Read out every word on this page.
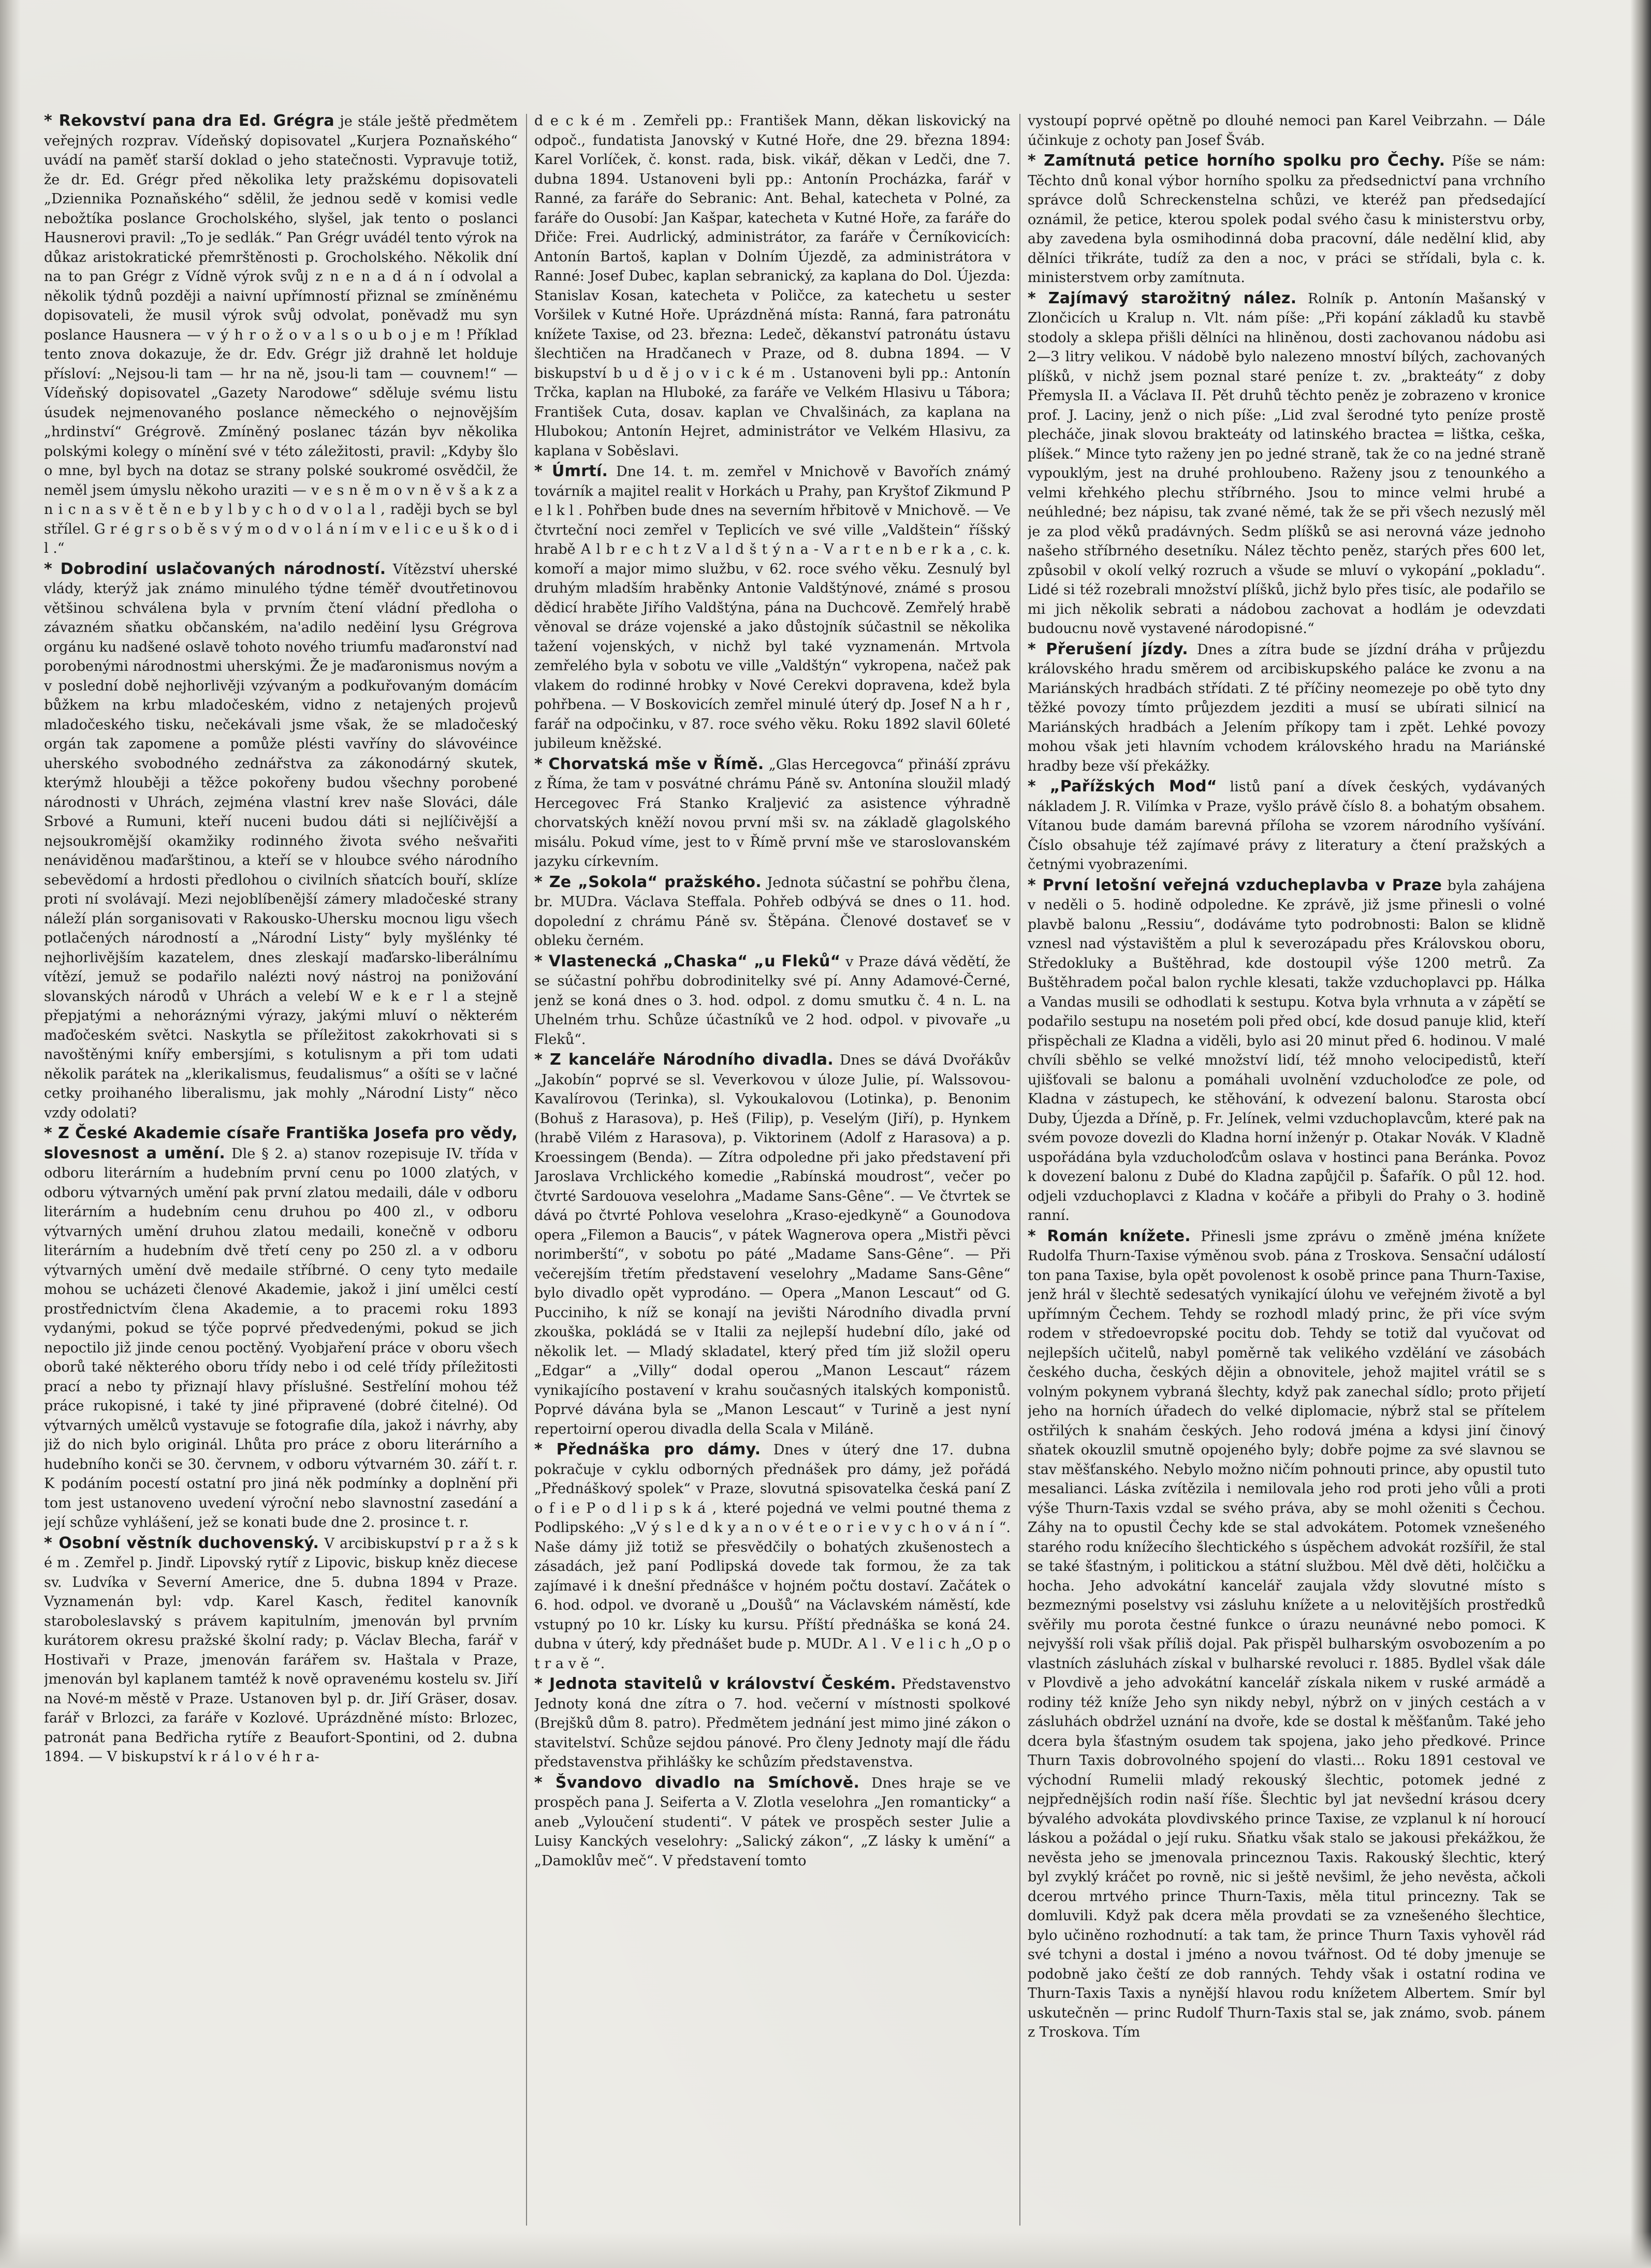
* Rekovství pana dra Ed. Grégra je stále ještě předmětem veřejných rozprav. Vídeňský dopisovatel „Kurjera Poznaňského“ uvádí na paměť starší doklad o jeho statečnosti. Vypravuje totiž, že dr. Ed. Grégr před několika lety pražskému dopisovateli „Dziennika Poznaňského“ sdělil, že jednou sedě v komisi vedle nebožtíka poslance Grocholského, slyšel, jak tento o poslanci Hausnerovi pravil: „To je sedlák.“ Pan Grégr uvádél tento výrok na důkaz aristokratické přemrštěnosti p. Grocholského. Několik dní na to pan Grégr z Vídně výrok svůj z n e n a d á n í odvolal a několik týdnů později a naivní upřímností přiznal se zmíněnému dopisovateli, že musil výrok svůj odvolat, poněvadž mu syn poslance Hausnera — v ý h r o ž o v a l s o u b o j e m ! Příklad tento znova dokazuje, že dr. Edv. Grégr již drahně let holduje přísloví: „Nejsou-li tam — hr na ně, jsou-li tam — couvnem!“ — Vídeňský dopisovatel „Gazety Narodowe“ sděluje svému listu úsudek nejmenovaného poslance německého o nejnovějším „hrdinství“ Grégrově. Zmíněný poslanec tázán byv několika polskými kolegy o mínění své v této záležitosti, pravil: „Kdyby šlo o mne, byl bych na dotaz se strany polské soukromé osvědčil, že neměl jsem úmyslu někoho uraziti — v e s n ě m o v n ě v š a k z a n i c n a s v ě t ě n e b y l b y c h o d v o l a l , raději bych se byl střílel. G r é g r s o b ě s v ý m o d v o l á n í m v e l i c e u š k o d i l .“

* Dobrodiní uslačovaných národností. Vítězství uherské vlády, kterýž jak známo minulého týdne téměř dvoutřetinovou většinou schválena byla v prvním čtení vládní předloha o závazném sňatku občanském, na'adilo neděiní lysu Grégrova orgánu ku nadšené oslavě tohoto nového triumfu maďaronství nad porobenými národnostmi uherskými. Že je maďaronismus novým a v poslední době nejhorlivěji vzývaným a podkuřovaným domácím bůžkem na krbu mladočeském, vidno z netajených projevů mladočeského tisku, nečekávali jsme však, že se mladočeský orgán tak zapomene a pomůže plésti vavříny do slávovéince uherského svobodného zednářstva za zákonodárný skutek, kterýmž hlouběji a těžce pokořeny budou všechny porobené národnosti v Uhrách, zejména vlastní krev naše Slováci, dále Srbové a Rumuni, kteří nuceni budou dáti si nejlíčivější a nejsoukromější okamžiky rodinného života svého nešvařiti nenáviděnou maďarštinou, a kteří se v hloubce svého národního sebevědomí a hrdosti předlohou o civilních sňatcích bouří, sklíze proti ní svolávají. Mezi nejoblíbenější zámery mladočeské strany náleží plán sorganisovati v Rakousko-Uhersku mocnou ligu všech potlačených národností a „Národní Listy“ byly myšlénky té nejhorlivějším kazatelem, dnes zleskají maďarsko-liberálnímu vítězí, jemuž se podařilo nalézti nový nástroj na ponižování slovanských národů v Uhrách a velebí W e k e r l a stejně přepjatými a nehoráznými výrazy, jakými mluví o některém maďočeském světci. Naskytla se příležitost zakokrhovati si s navoštěnými knířy embersjími, s kotulisnym a při tom udati několik parátek na „klerikalismus, feudalismus“ a ošíti se v lačné cetky proihaného liberalismu, jak mohly „Národní Listy“ něco vzdy odolati?

* Z České Akademie císaře Františka Josefa pro vědy, slovesnost a umění. Dle § 2. a) stanov rozepisuje IV. třída v odboru literárním a hudebním první cenu po 1000 zlatých, v odboru výtvarných umění pak první zlatou medaili, dále v odboru literárním a hudebním cenu druhou po 400 zl., v odboru výtvarných umění druhou zlatou medaili, konečně v odboru literárním a hudebním dvě třetí ceny po 250 zl. a v odboru výtvarných umění dvě medaile stříbrné. O ceny tyto medaile mohou se ucházeti členové Akademie, jakož i jiní umělci cestí prostřednictvím člena Akademie, a to pracemi roku 1893 vydanými, pokud se týče poprvé předvedenými, pokud se jich nepoctilo již jinde cenou poctěný. Vyobjaření práce v oboru všech oborů také některého oboru třídy nebo i od celé třídy příležitosti prací a nebo ty přiznají hlavy příslušné. Sestřelíní mohou též práce rukopisné, i také ty jiné připravené (dobré čitelné). Od výtvarných umělců vystavuje se fotografie díla, jakož i návrhy, aby již do nich bylo originál. Lhůta pro práce z oboru literárního a hudebního konči se 30. červnem, v odboru výtvarném 30. září t. r. K podáním pocestí ostatní pro jiná něk podmínky a doplnění při tom jest ustanoveno uvedení výroční nebo slavnostní zasedání a její schůze vyhlášení, jež se konati bude dne 2. prosince t. r.

* Osobní věstník duchovenský. V arcibiskupství p r a ž s k é m . Zemřel p. Jindř. Lipovský rytíř z Lipovic, biskup kněz diecese sv. Ludvíka v Severní Americe, dne 5. dubna 1894 v Praze. Vyznamenán byl: vdp. Karel Kasch, ředitel kanovník staroboleslavský s právem kapitulním, jmenován byl prvním kurátorem okresu pražské školní rady; p. Václav Blecha, farář v Hostivaři v Praze, jmenován farářem sv. Haštala v Praze, jmenován byl kaplanem tamtéž k nově opravenému kostelu sv. Jiří na Nové-m městě v Praze. Ustanoven byl p. dr. Jiří Gräser, dosav. farář v Brlozci, za faráře v Kozlové. Uprázdněné místo: Brlozec, patronát pana Bedřicha rytíře z Beaufort-Spontini, od 2. dubna 1894. — V biskupství k r á l o v é h r a-

d e c k é m . Zemřeli pp.: František Mann, děkan liskovický na odpoč., fundatista Janovský v Kutné Hoře, dne 29. března 1894: Karel Vorlíček, č. konst. rada, bisk. vikář, děkan v Ledči, dne 7. dubna 1894. Ustanoveni byli pp.: Antonín Procházka, farář v Ranné, za faráře do Sebranic: Ant. Behal, katecheta v Polné, za faráře do Ousobí: Jan Kašpar, katecheta v Kutné Hoře, za faráře do Dřiče: Frei. Audrlický, administrátor, za faráře v Černíkovicích: Antonín Bartoš, kaplan v Dolním Újezdě, za administrátora v Ranné: Josef Dubec, kaplan sebranický, za kaplana do Dol. Újezda: Stanislav Kosan, katecheta v Poličce, za katechetu u sester Voršilek v Kutné Hoře. Uprázdněná místa: Ranná, fara patronátu knížete Taxise, od 23. března: Ledeč, děkanství patronátu ústavu šlechtičen na Hradčanech v Praze, od 8. dubna 1894. — V biskupství b u d ě j o v i c k é m . Ustanoveni byli pp.: Antonín Trčka, kaplan na Hluboké, za faráře ve Velkém Hlasivu u Tábora; František Cuta, dosav. kaplan ve Chvalšinách, za kaplana na Hlubokou; Antonín Hejret, administrátor ve Velkém Hlasivu, za kaplana v Soběslavi.

* Úmrtí. Dne 14. t. m. zemřel v Mnichově v Bavořích známý továrník a majitel realit v Horkách u Prahy, pan Kryštof Zikmund P e l k l . Pohřben bude dnes na severním hřbitově v Mnichově. — Ve čtvrteční noci zemřel v Teplicích ve své ville „Valdštein“ říšský hrabě A l b r e c h t z V a l d š t ý n a - V a r t e n b e r k a , c. k. komoří a major mimo službu, v 62. roce svého věku. Zesnulý byl druhým mladším hraběnky Antonie Valdštýnové, známé s prosou dědicí hraběte Jiřího Valdštýna, pána na Duchcově. Zemřelý hrabě věnoval se dráze vojenské a jako důstojník súčastnil se několika tažení vojenských, v nichž byl také vyznamenán. Mrtvola zemřelého byla v sobotu ve ville „Valdštýn“ vykropena, načež pak vlakem do rodinné hrobky v Nové Cerekvi dopravena, kdež byla pohřbena. — V Boskovicích zemřel minulé úterý dp. Josef N a h r , farář na odpočinku, v 87. roce svého věku. Roku 1892 slavil 60leté jubileum kněžské.

* Chorvatská mše v Římě. „Glas Hercegovca“ přináší zprávu z Říma, že tam v posvátné chrámu Páně sv. Antonína sloužil mladý Hercegovec Frá Stanko Kraljević za asistence výhradně chorvatských kněží novou první mši sv. na základě glagolského misálu. Pokud víme, jest to v Římě první mše ve staroslovanském jazyku církevním.

* Ze „Sokola“ pražského. Jednota súčastní se pohřbu člena, br. MUDra. Václava Steffala. Pohřeb odbývá se dnes o 11. hod. dopolední z chrámu Páně sv. Štěpána. Členové dostaveť se v obleku černém.

* Vlastenecká „Chaska“ „u Fleků“ v Praze dává vědětí, že se súčastní pohřbu dobrodinitelky své pí. Anny Adamové-Černé, jenž se koná dnes o 3. hod. odpol. z domu smutku č. 4 n. L. na Uhelném trhu. Schůze účastníků ve 2 hod. odpol. v pivovaře „u Fleků“.

* Z kanceláře Národního divadla. Dnes se dává Dvořákův „Jakobín“ poprvé se sl. Veverkovou v úloze Julie, pí. Walssovou-Kavalírovou (Terinka), sl. Vykoukalovou (Lotinka), p. Benonim (Bohuš z Harasova), p. Heš (Filip), p. Veselým (Jiří), p. Hynkem (hrabě Vilém z Harasova), p. Viktorinem (Adolf z Harasova) a p. Kroessingem (Benda). — Zítra odpoledne při jako představení při Jaroslava Vrchlického komedie „Rabínská moudrost“, večer po čtvrté Sardouova veselohra „Madame Sans-Gêne“. — Ve čtvrtek se dává po čtvrté Pohlova veselohra „Kraso-ejedkyně“ a Gounodova opera „Filemon a Baucis“, v pátek Wagnerova opera „Mistři pěvci norimberští“, v sobotu po páté „Madame Sans-Gêne“. — Při večerejším třetím představení veselohry „Madame Sans-Gêne“ bylo divadlo opět vyprodáno. — Opera „Manon Lescaut“ od G. Pucciniho, k níž se konají na jevišti Národního divadla první zkouška, pokládá se v Italii za nejlepší hudební dílo, jaké od několik let. — Mladý skladatel, který před tím již složil operu „Edgar“ a „Villy“ dodal operou „Manon Lescaut“ rázem vynikajícího postavení v krahu současných italských komponistů. Poprvé dávána byla se „Manon Lescaut“ v Turině a jest nyní repertoirní operou divadla della Scala v Miláně.

* Přednáška pro dámy. Dnes v úterý dne 17. dubna pokračuje v cyklu odborných přednášek pro dámy, jež pořádá „Přednáškový spolek“ v Praze, slovutná spisovatelka česká paní Z o f i e P o d l i p s k á , které pojedná ve velmi poutné thema z Podlipského: „V ý s l e d k y a n o v é t e o r i e v y c h o v á n í “. Naše dámy již totiž se přesvědčily o bohatých zkušenostech a zásadách, jež paní Podlipská dovede tak formou, že za tak zajímavé i k dnešní přednášce v hojném počtu dostaví. Začátek o 6. hod. odpol. ve dvoraně u „Doušů“ na Václavském náměstí, kde vstupný po 10 kr. Lísky ku kursu. Příští přednáška se koná 24. dubna v úterý, kdy přednášet bude p. MUDr. A l . V e l i c h „O p o t r a v ě “.

* Jednota stavitelů v království Českém. Představenstvo Jednoty koná dne zítra o 7. hod. večerní v místnosti spolkové (Brejšků dům 8. patro). Předmětem jednání jest mimo jiné zákon o stavitelství. Schůze sejdou pánové. Pro členy Jednoty mají dle řádu představenstva přihlášky ke schůzím představenstva.

* Švandovo divadlo na Smíchově. Dnes hraje se ve prospěch pana J. Seiferta a V. Zlotla veselohra „Jen romanticky“ a aneb „Vyloučení studenti“. V pátek ve prospěch sester Julie a Luisy Kanckých veselohry: „Salický zákon“, „Z lásky k umění“ a „Damoklův meč“. V představení tomto

vystoupí poprvé opětně po dlouhé nemoci pan Karel Veibrzahn. — Dále účinkuje z ochoty pan Josef Šváb.

* Zamítnutá petice horního spolku pro Čechy. Píše se nám: Těchto dnů konal výbor horního spolku za předsednictví pana vrchního správce dolů Schreckenstelna schůzi, ve kteréž pan předsedající oznámil, že petice, kterou spolek podal svého času k ministerstvu orby, aby zavedena byla osmihodinná doba pracovní, dále nedělní klid, aby dělníci třikráte, tudíž za den a noc, v práci se střídali, byla c. k. ministerstvem orby zamítnuta.

* Zajímavý starožitný nález. Rolník p. Antonín Mašanský v Zlončicích u Kralup n. Vlt. nám píše: „Při kopání základů ku stavbě stodoly a sklepa přišli dělníci na hliněnou, dosti zachovanou nádobu asi 2—3 litry velikou. V nádobě bylo nalezeno mnoství bílých, zachovaných plíšků, v nichž jsem poznal staré peníze t. zv. „brakteáty“ z doby Přemysla II. a Václava II. Pět druhů těchto peněz je zobrazeno v kronice prof. J. Laciny, jenž o nich píše: „Lid zval šerodné tyto peníze prostě plecháče, jinak slovou brakteáty od latinského bractea = lištka, ceška, plíšek.“ Mince tyto raženy jen po jedné straně, tak že co na jedné straně vypouklým, jest na druhé prohloubeno. Raženy jsou z tenounkého a velmi křehkého plechu stříbrného. Jsou to mince velmi hrubé a neúhledné; bez nápisu, tak zvané němé, tak že se při všech nezuslý měl je za plod věků pradávných. Sedm plíšků se asi nerovná váze jednoho našeho stříbrného desetníku. Nález těchto peněz, starých přes 600 let, způsobil v okolí velký rozruch a všude se mluví o vykopání „pokladu“. Lidé si též rozebrali množství plíšků, jichž bylo přes tisíc, ale podařilo se mi jich několik sebrati a nádobou zachovat a hodlám je odevzdati budoucnu nově vystavené národopisné.“

* Přerušení jízdy. Dnes a zítra bude se jízdní dráha v průjezdu královského hradu směrem od arcibiskupského paláce ke zvonu a na Mariánských hradbách střídati. Z té příčiny neomezeje po obě tyto dny těžké povozy tímto průjezdem jezditi a musí se ubírati silnicí na Mariánských hradbách a Jelením příkopy tam i zpět. Lehké povozy mohou však jeti hlavním vchodem královského hradu na Mariánské hradby beze vší překážky.

* „Pařížských Mod“ listů paní a dívek českých, vydávaných nákladem J. R. Vilímka v Praze, vyšlo právě číslo 8. a bohatým obsahem. Vítanou bude damám barevná příloha se vzorem národního vyšívání. Číslo obsahuje též zajímavé právy z literatury a čtení pražských a četnými vyobrazeními.

* První letošní veřejná vzducheplavba v Praze byla zahájena v neděli o 5. hodině odpoledne. Ke zprávě, již jsme přinesli o volné plavbě balonu „Ressiu“, dodáváme tyto podrobnosti: Balon se klidně vznesl nad výstavištěm a plul k severozápadu přes Královskou oboru, Středokluky a Buštěhrad, kde dostoupil výše 1200 metrů. Za Buštěhradem počal balon rychle klesati, takže vzduchoplavci pp. Hálka a Vandas musili se odhodlati k sestupu. Kotva byla vrhnuta a v zápětí se podařilo sestupu na nosetém poli před obcí, kde dosud panuje klid, kteří přispěchali ze Kladna a viděli, bylo asi 20 minut před 6. hodinou. V malé chvíli sběhlo se velké množství lidí, též mnoho velocipedistů, kteří ujišťovali se balonu a pomáhali uvolnění vzducholoďce ze pole, od Kladna v zástupech, ke stěhování, k odvezení balonu. Starosta obcí Duby, Újezda a Dříně, p. Fr. Jelínek, velmi vzduchoplavcům, které pak na svém povoze dovezli do Kladna horní inženýr p. Otakar Novák. V Kladně uspořádána byla vzducholoďcům oslava v hostinci pana Beránka. Povoz k dovezení balonu z Dubé do Kladna zapůjčil p. Šafařík. O půl 12. hod. odjeli vzduchoplavci z Kladna v kočáře a přibyli do Prahy o 3. hodině ranní.

* Román knížete. Přinesli jsme zprávu o změně jména knížete Rudolfa Thurn-Taxise výměnou svob. pána z Troskova. Sensační událostí ton pana Taxise, byla opět povolenost k osobě prince pana Thurn-Taxise, jenž hrál v šlechtě sedesatých vynikající úlohu ve veřejném životě a byl upřímným Čechem. Tehdy se rozhodl mladý princ, že při více svým rodem v středoevropské pocitu dob. Tehdy se totiž dal vyučovat od nejlepších učitelů, nabyl poměrně tak velikého vzdělání ve zásobách českého ducha, českých dějin a obnovitele, jehož majitel vrátil se s volným pokynem vybraná šlechty, když pak zanechal sídlo; proto přijetí jeho na horních úřadech do velké diplomacie, nýbrž stal se přítelem ostřilých k snahám českých. Jeho rodová jména a kdysi jiní činový sňatek okouzlil smutně opojeného byly; dobře pojme za své slavnou se stav měšťanského. Nebylo možno ničím pohnouti prince, aby opustil tuto mesalianci. Láska zvítězila i nemilovala jeho rod proti jeho vůli a proti výše Thurn-Taxis vzdal se svého práva, aby se mohl oženiti s Čechou. Záhy na to opustil Čechy kde se stal advokátem. Potomek vznešeného starého rodu knížecího šlechtického s úspěchem advokát rozšířil, že stal se také šťastným, i politickou a státní službou. Měl dvě děti, holčičku a hocha. Jeho advokátní kancelář zaujala vždy slovutné místo s bezmeznými poselstvy vsi zásluhu knížete a u nelovitějších prostředků svěřily mu porota čestné funkce o úrazu neunávné nebo pomoci. K nejvyšší roli však příliš dojal. Pak přispěl bulharským osvobozením a po vlastních zásluhách získal v bulharské revoluci r. 1885. Bydlel však dále v Plovdivě a jeho advokátní kancelář získala nikem v ruské armádě a rodiny též kníže Jeho syn nikdy nebyl, nýbrž on v jiných cestách a v zásluhách obdržel uznání na dvoře, kde se dostal k měšťanům. Také jeho dcera byla šťastným osudem tak spojena, jako jeho předkové. Prince Thurn Taxis dobrovolného spojení do vlasti... Roku 1891 cestoval ve východní Rumelii mladý rekouský šlechtic, potomek jedné z nejpřednějších rodin naší říše. Šlechtic byl jat nevšední krásou dcery bývalého advokáta plovdivského prince Taxise, ze vzplanul k ní horoucí láskou a požádal o její ruku. Sňatku však stalo se jakousi překážkou, že nevěsta jeho se jmenovala princeznou Taxis. Rakouský šlechtic, který byl zvyklý kráčet po rovně, nic si ještě nevšiml, že jeho nevěsta, ačkoli dcerou mrtvého prince Thurn-Taxis, měla titul princezny. Tak se domluvili. Když pak dcera měla provdati se za vznešeného šlechtice, bylo učiněno rozhodnutí: a tak tam, že prince Thurn Taxis vyhověl rád své tchyni a dostal i jméno a novou tvářnost. Od té doby jmenuje se podobně jako čeští ze dob ranných. Tehdy však i ostatní rodina ve Thurn-Taxis Taxis a nynější hlavou rodu knížetem Albertem. Smír byl uskutečněn — princ Rudolf Thurn-Taxis stal se, jak známo, svob. pánem z Troskova. Tím
